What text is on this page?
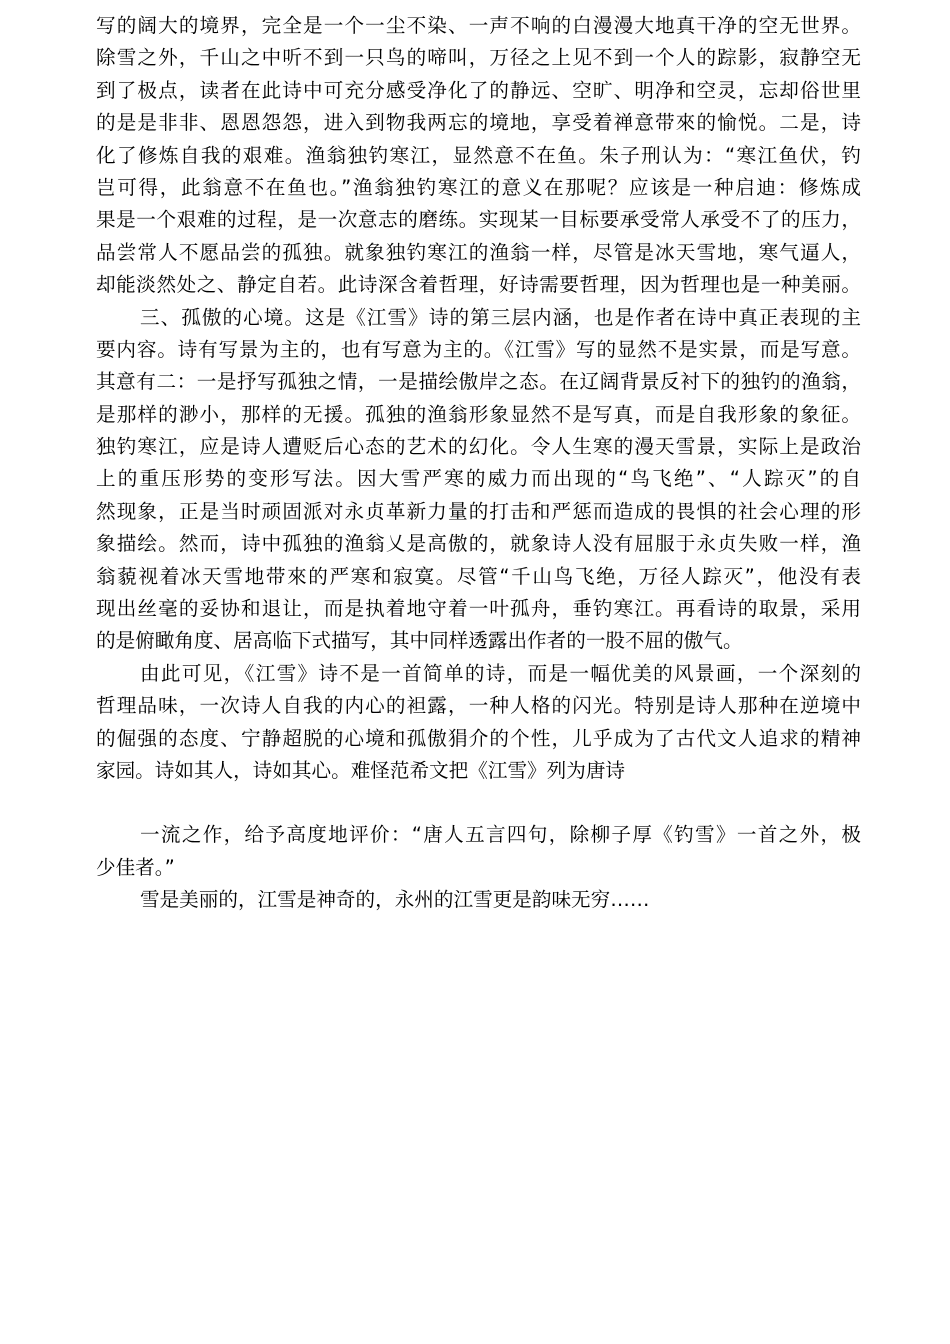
写的阔大的境界，完全是一个一尘不染、一声不响的白漫漫大地真干净的空无世界。
除雪之外，千山之中听不到一只鸟的啼叫，万径之上见不到一个人的踪影，寂静空无
到了极点，读者在此诗中可充分感受净化了的静远、空旷、明净和空灵，忘却俗世里
的是是非非、恩恩怨怨，进入到物我两忘的境地，享受着禅意带來的愉悦。二是，诗
化了修炼自我的艰难。渔翁独钓寒江，显然意不在鱼。朱子刑认为：“寒江鱼伏，钓
岂可得，此翁意不在鱼也。”渔翁独钓寒江的意义在那呢？应该是一种启迪：修炼成
果是一个艰难的过程，是一次意志的磨练。实现某一目标要承受常人承受不了的压力，
品尝常人不愿品尝的孤独。就象独钓寒江的渔翁一样，尽管是冰天雪地，寒气逼人，
却能淡然处之、静定自若。此诗深含着哲理，好诗需要哲理，因为哲理也是一种美丽。
三、孤傲的心境。这是《江雪》诗的第三层内涵，也是作者在诗中真正表现的主
要内容。诗有写景为主的，也有写意为主的。《江雪》写的显然不是实景，而是写意。
其意有二：一是抒写孤独之情，一是描绘傲岸之态。在辽阔背景反衬下的独钓的渔翁，
是那样的渺小，那样的无援。孤独的渔翁形象显然不是写真，而是自我形象的象征。
独钓寒江，应是诗人遭贬后心态的艺术的幻化。令人生寒的漫天雪景，实际上是政治
上的重压形势的变形写法。因大雪严寒的威力而出现的“鸟飞绝”、“人踪灭”的自
然现象，正是当时顽固派对永贞革新力量的打击和严惩而造成的畏惧的社会心理的形
象描绘。然而，诗中孤独的渔翁乂是高傲的，就象诗人没有屈服于永贞失败一样，渔
翁藐视着冰天雪地带來的严寒和寂寞。尽管“千山鸟飞绝，万径人踪灭”，他没有表
现出丝毫的妥协和退让，而是执着地守着一叶孤舟，垂钓寒江。再看诗的取景，采用
的是俯瞰角度、居高临下式描写，其中同样透露出作者的一股不屈的傲气。
由此可见，《江雪》诗不是一首简单的诗，而是一幅优美的风景画，一个深刻的
哲理品味，一次诗人自我的内心的袒露，一种人格的闪光。特别是诗人那种在逆境中
的倔强的态度、宁静超脱的心境和孤傲狷介的个性，儿乎成为了古代文人追求的精神
家园。诗如其人，诗如其心。难怪范希文把《江雪》列为唐诗
一流之作，给予高度地评价：“唐人五言四句，除柳子厚《钓雪》一首之外，极
少佳者。”
雪是美丽的，江雪是神奇的，永州的江雪更是韵味无穷……
